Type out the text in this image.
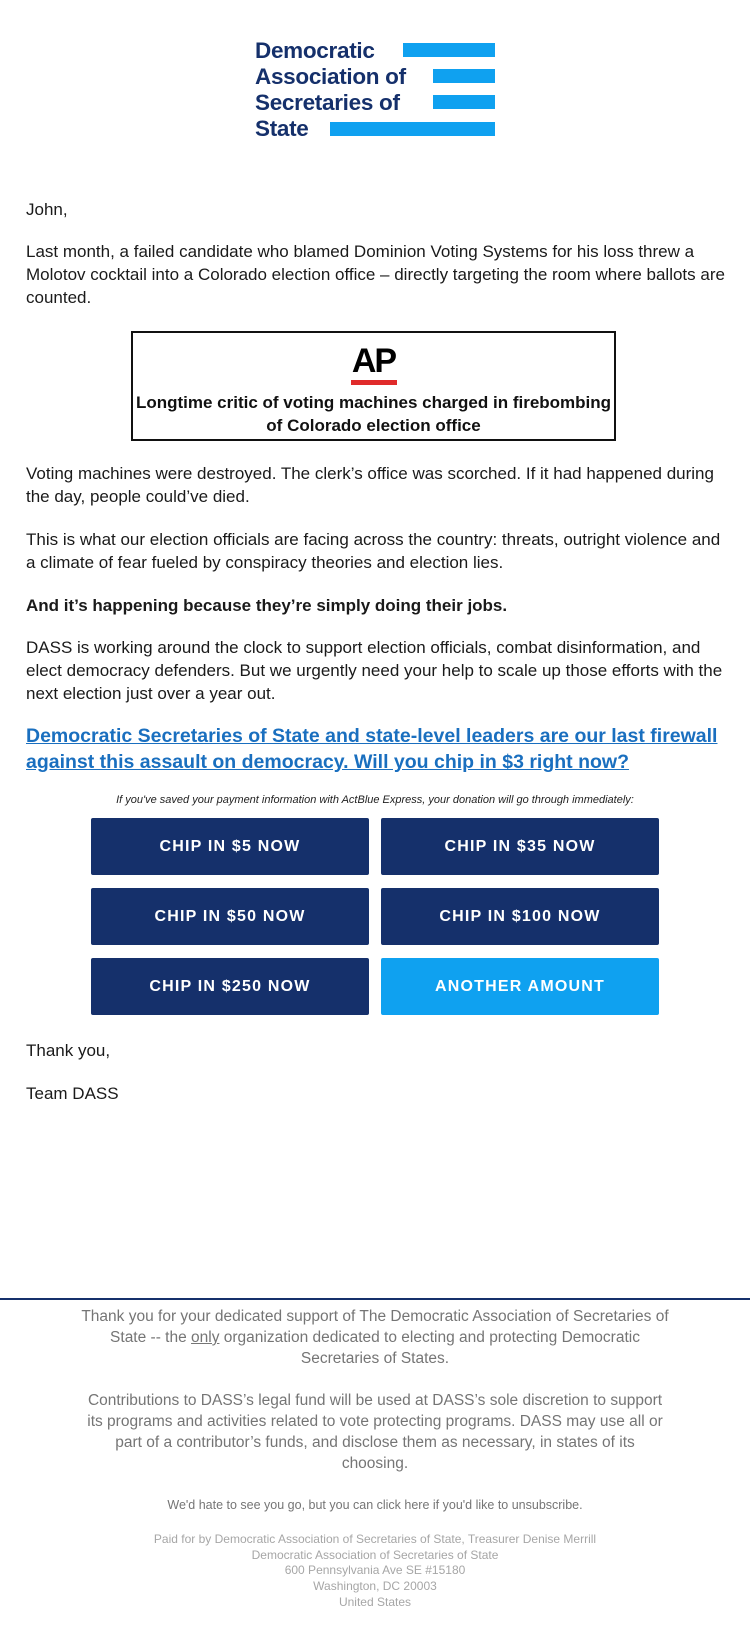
Democratic
Association of
Secretaries of
State

John,

Last month, a failed candidate who blamed Dominion Voting Systems for his loss threw a Molotov cocktail into a Colorado election office – directly targeting the room where ballots are counted.

AP
Longtime critic of voting machines charged in firebombing of Colorado election office

Voting machines were destroyed. The clerk’s office was scorched. If it had happened during the day, people could’ve died.

This is what our election officials are facing across the country: threats, outright violence and a climate of fear fueled by conspiracy theories and election lies.

And it’s happening because they’re simply doing their jobs.

DASS is working around the clock to support election officials, combat disinformation, and elect democracy defenders. But we urgently need your help to scale up those efforts with the next election just over a year out.

Democratic Secretaries of State and state-level leaders are our last firewall against this assault on democracy. Will you chip in $3 right now?
If you've saved your payment information with ActBlue Express, your donation will go through immediately:
CHIP IN $5 NOW	CHIP IN $35 NOW
CHIP IN $50 NOW	CHIP IN $100 NOW
CHIP IN $250 NOW	ANOTHER AMOUNT

Thank you,

Team DASS

Thank you for your dedicated support of The Democratic Association of Secretaries of State -- the only organization dedicated to electing and protecting Democratic Secretaries of States.

Contributions to DASS’s legal fund will be used at DASS’s sole discretion to support its programs and activities related to vote protecting programs. DASS may use all or part of a contributor’s funds, and disclose them as necessary, in states of its choosing.

We'd hate to see you go, but you can click here if you'd like to unsubscribe.
Paid for by Democratic Association of Secretaries of State, Treasurer Denise Merrill
Democratic Association of Secretaries of State
600 Pennsylvania Ave SE #15180
Washington, DC 20003
United States
